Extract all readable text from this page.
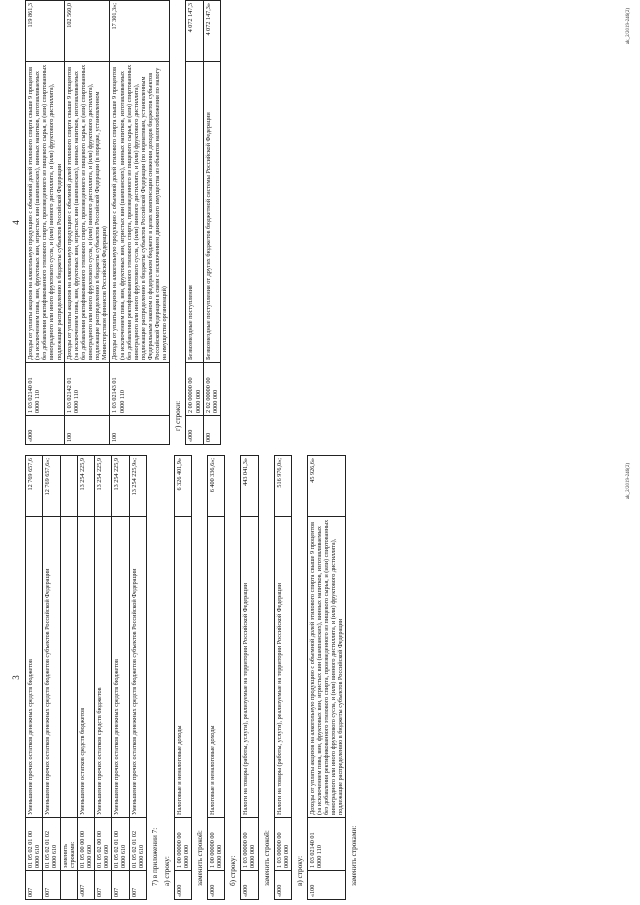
3
007	01 05 02 01 00 0000 610	Уменьшение прочих остатков денежных средств бюджетов	12 769 657,6
007	01 05 02 01 02 0000 610	Уменьшение прочих остатков денежных средств бюджетов субъектов Российской Федерации	12 769 657,6»;
	заменить строками:		
«007	01 05 00 00 00 0000 600	Уменьшение остатков средств бюджетов	13 254 225,9
007	01 05 02 00 00 0000 600	Уменьшение прочих остатков средств бюджетов	13 254 225,9
007	01 05 02 01 00 0000 610	Уменьшение прочих остатков денежных средств бюджетов	13 254 225,9
007	01 05 02 01 02 0000 610	Уменьшение прочих остатков денежных средств бюджетов субъектов Российской Федерации	13 254 225,9»;
7) в приложении 7: а) строку:
«000	1 00 00000 00 0000 000	Налоговые и неналоговые доходы	6 326 401,9»
заменить строкой:
«000	1 00 00000 00 0000 000	Налоговые и неналоговые доходы	6 400 336,6»;
б) строку:
«000	1 03 00000 00 0000 000	Налоги на товары (работы, услуги), реализуемые на территории Российской Федерации	443 041,3»
заменить строкой:
«000	1 03 00000 00 0000 000	Налоги на товары (работы, услуги), реализуемые на территории Российской Федерации	516 976,0»;
в) строку:
«100	1 03 02140 01 0000 110	Доходы от уплаты акцизов на алкогольную продукцию с объемной долей этилового спирта свыше 9 процентов (за исключением пива, вин, фруктовых вин, игристых вин (шампанских), винных напитков, изготавливаемых без добавления ректификованного этилового спирта, произведенного из пищевого сырья, и (или) спиртованных виноградного или иного фруктового сусла, и (или) винного дистиллята, и (или) фруктового дистиллята), подлежащие распределению в бюджеты субъектов Российской Федерации	45 926,6»
заменить строками:
ak_2/2019-246(2)
4
«000	1 03 02140 01 0000 110	Доходы от уплаты акцизов на алкогольную продукцию с объемной долей этилового спирта свыше 9 процентов (за исключением пива, вин, фруктовых вин, игристых вин (шампанских), винных напитков, изготавливаемых без добавления ректификованного этилового спирта, произведенного из пищевого сырья, и (или) спиртованных виноградного или иного фруктового сусла, и (или) винного дистиллята, и (или) фруктового дистиллята), подлежащие распределению в бюджеты субъектов Российской Федерации	119 861,3
100	1 03 02142 01 0000 110	Доходы от уплаты акцизов на алкогольную продукцию с объемной долей этилового спирта свыше 9 процентов (за исключением пива, вин, фруктовых вин, игристых вин (шампанских), винных напитков, изготавливаемых без добавления ректификованного этилового спирта, произведенного из пищевого сырья, и (или) спиртованных виноградного или иного фруктового сусла, и (или) винного дистиллята, и (или) фруктового дистиллята), подлежащие распределению в бюджеты субъектов Российской Федерации (в порядке, установленном Министерством финансов Российской Федерации)	102 560,0
100	1 03 02143 01 0000 110	Доходы от уплаты акцизов на алкогольную продукцию с объемной долей этилового спирта свыше 9 процентов (за исключением пива, вин, фруктовых вин, игристых вин (шампанских), винных напитков, изготавливаемых без добавления ректификованного этилового спирта, произведенного из пищевого сырья, и (или) спиртованных виноградного или иного фруктового сусла, и (или) винного дистиллята, и (или) фруктового дистиллята), подлежащие распределению в бюджеты субъектов Российской Федерации (по нормативам, установленным Федеральным законом о федеральном бюджете в целях компенсации снижения доходов бюджетов субъектов Российской Федерации в связи с исключением движимого имущества из объектов налогообложения по налогу на имущество организаций)	17 301,3»;
г) строки:
«000	2 00 00000 00 0000 000	Безвозмездные поступления	4 072 147,3
000	2 02 00000 00 0000 000	Безвозмездные поступления от других бюджетов бюджетной системы Российской Федерации	4 072 147,3»	ak_2/2019-246(2)
